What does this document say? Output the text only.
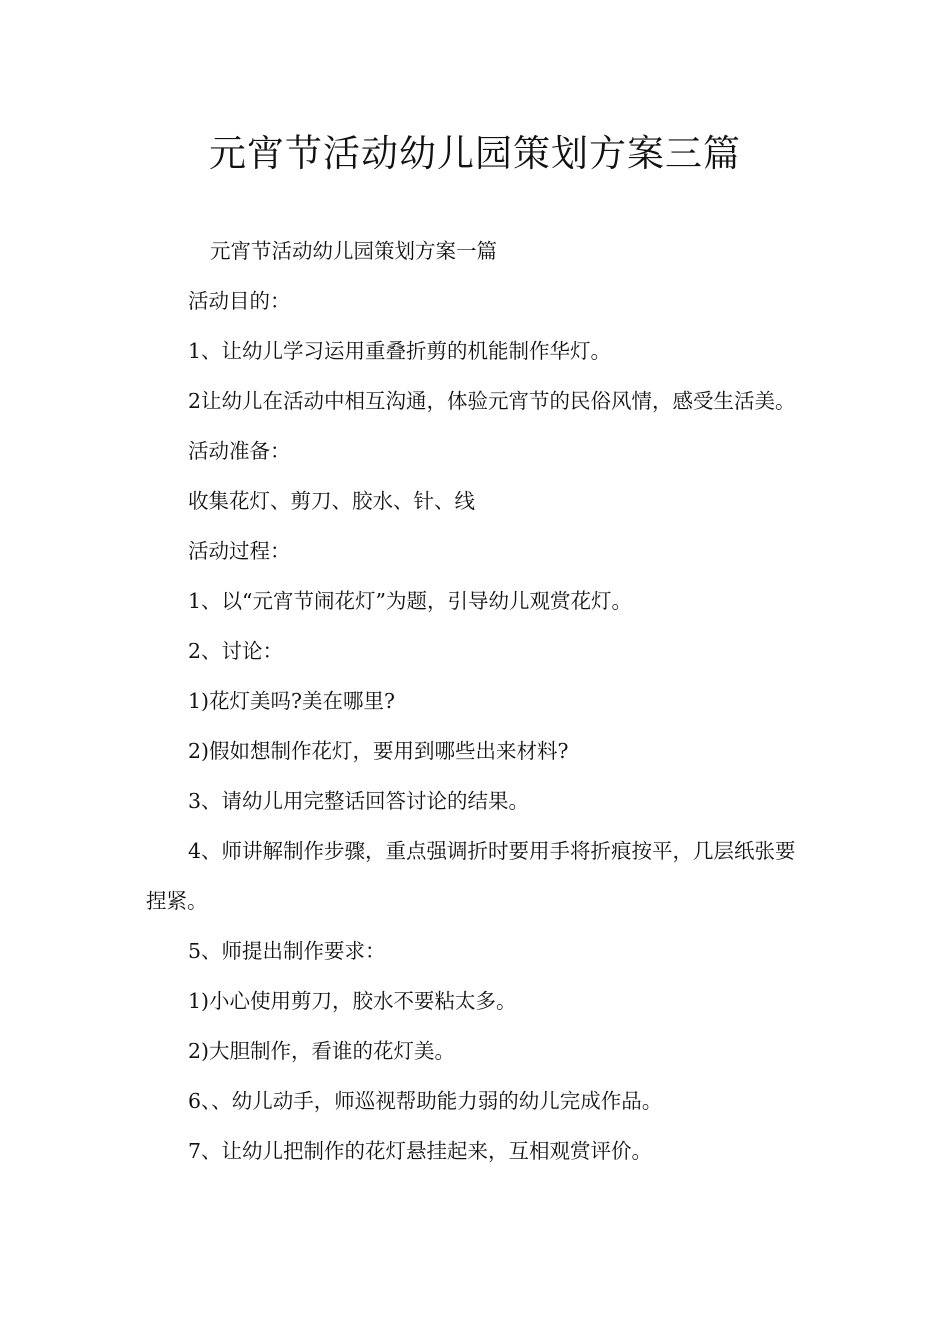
元宵节活动幼儿园策划方案三篇

元宵节活动幼儿园策划方案一篇

活动目的：

1、让幼儿学习运用重叠折剪的机能制作华灯。

2让幼儿在活动中相互沟通，体验元宵节的民俗风情，感受生活美。

活动准备：

收集花灯、剪刀、胶水、针、线

活动过程：

1、以“元宵节闹花灯”为题，引导幼儿观赏花灯。

2、讨论：

1)花灯美吗?美在哪里?

2)假如想制作花灯，要用到哪些出来材料?

3、请幼儿用完整话回答讨论的结果。

4、师讲解制作步骤，重点强调折时要用手将折痕按平，几层纸张要捏紧。

5、师提出制作要求：

1)小心使用剪刀，胶水不要粘太多。

2)大胆制作，看谁的花灯美。

6、、幼儿动手，师巡视帮助能力弱的幼儿完成作品。

7、让幼儿把制作的花灯悬挂起来，互相观赏评价。
